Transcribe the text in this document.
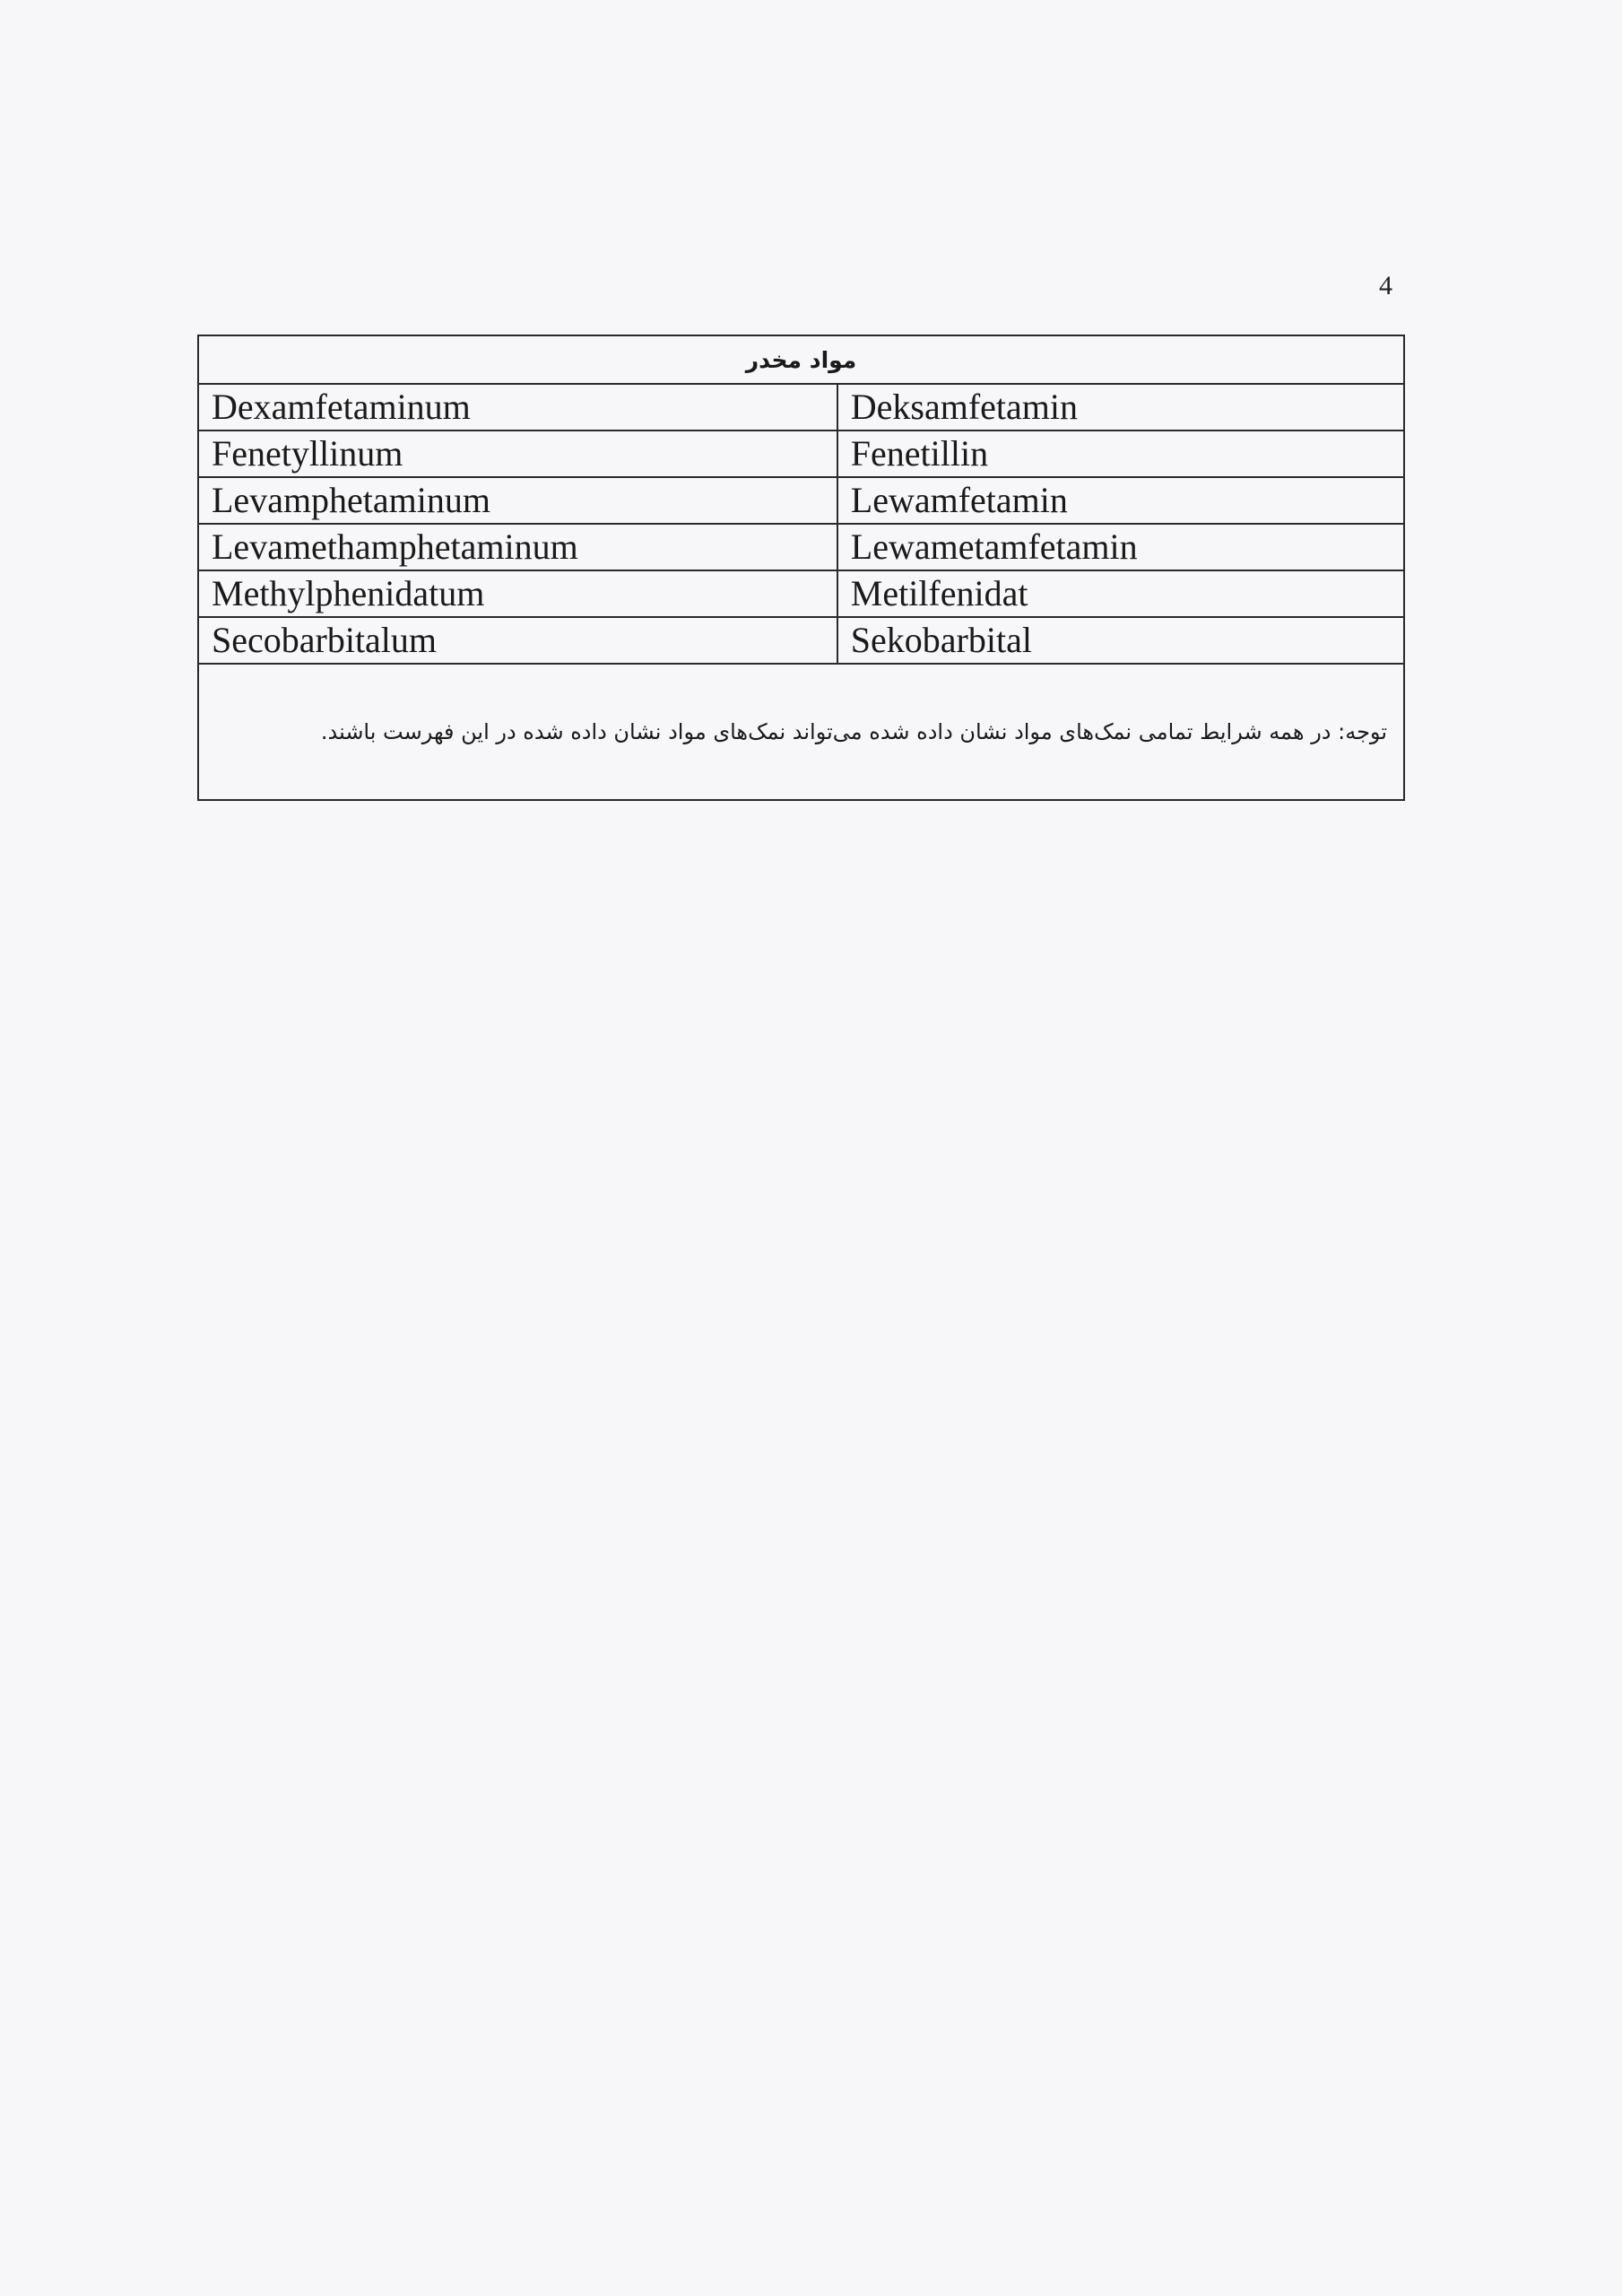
4
مواد مخدر	
Dexamfetaminum	Deksamfetamin
Fenetyllinum	Fenetillin
Levamphetaminum	Lewamfetamin
Levamethamphetaminum	Lewametamfetamin
Methylphenidatum	Metilfenidat
Secobarbitalum	Sekobarbital
توجه: در همه شرایط تمامی نمک‌های مواد نشان داده شده می‌تواند نمک‌های مواد نشان داده شده در این فهرست باشند.	
